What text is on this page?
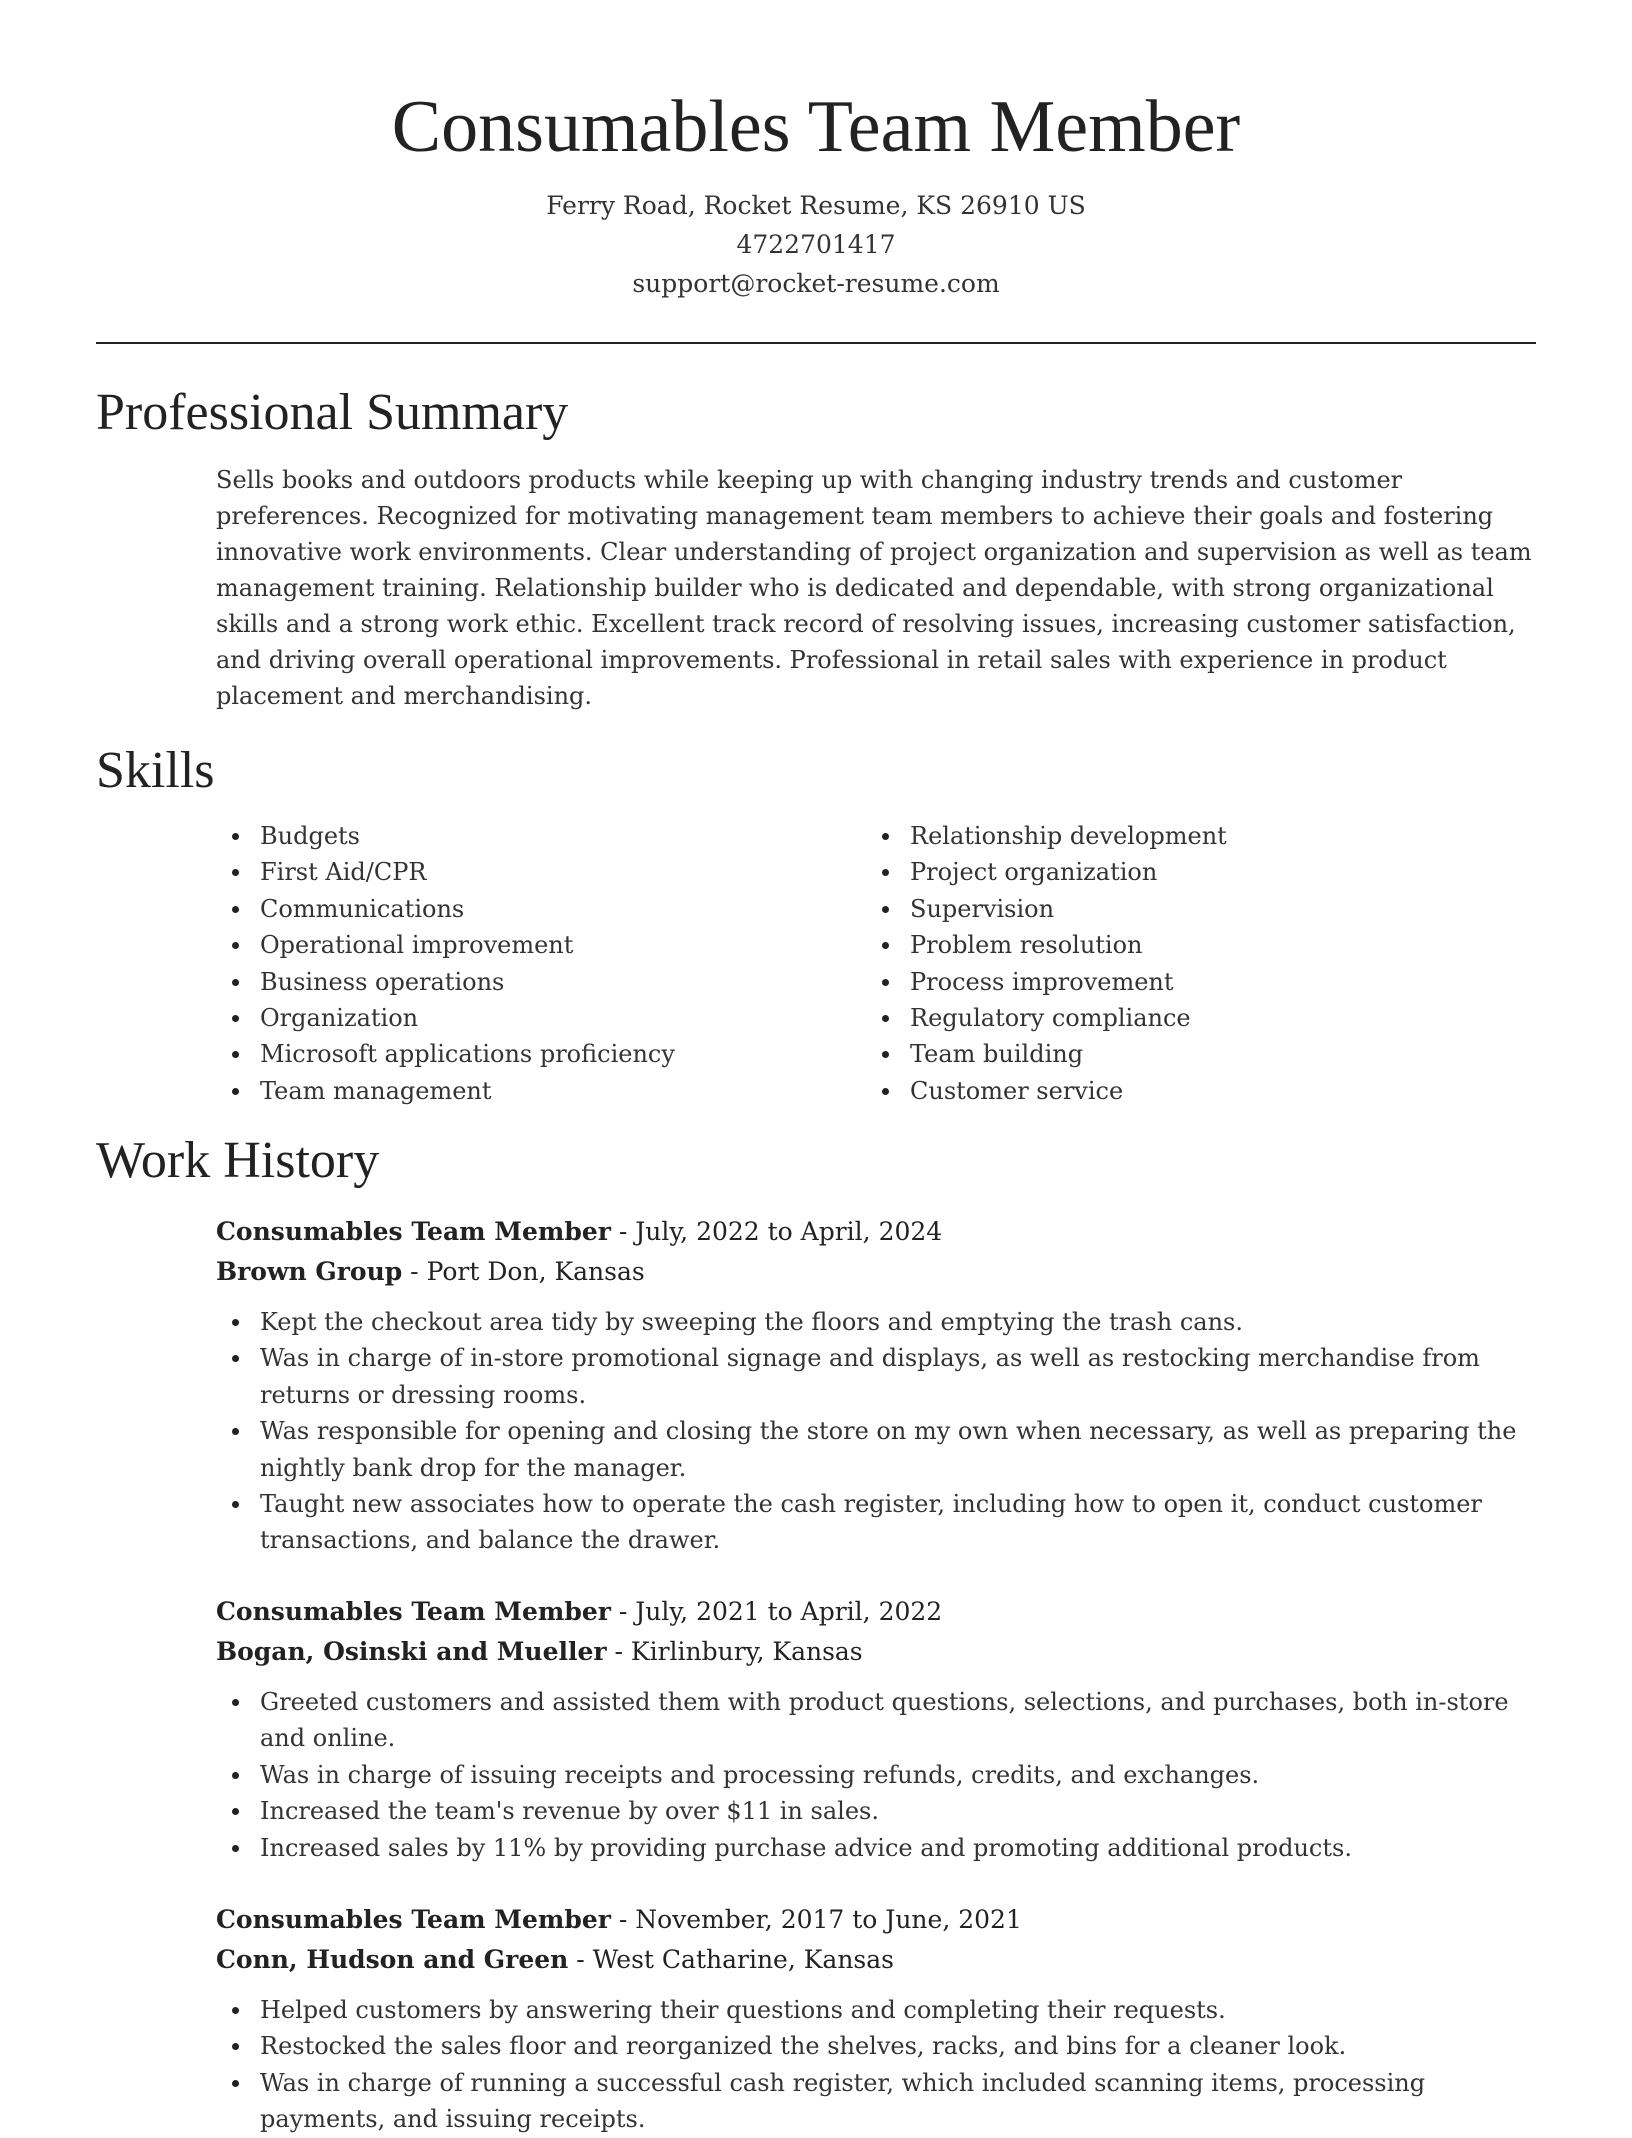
Consumables Team Member
Ferry Road, Rocket Resume, KS 26910 US
4722701417
support@rocket-resume.com
Professional Summary

Sells books and outdoors products while keeping up with changing industry trends and customer preferences. Recognized for motivating management team members to achieve their goals and fostering innovative work environments. Clear understanding of project organization and supervision as well as team management training. Relationship builder who is dedicated and dependable, with strong organizational skills and a strong work ethic. Excellent track record of resolving issues, increasing customer satisfaction, and driving overall operational improvements. Professional in retail sales with experience in product placement and merchandising.

Skills
Budgets
First Aid/CPR
Communications
Operational improvement
Business operations
Organization
Microsoft applications proficiency
Team management
Relationship development
Project organization
Supervision
Problem resolution
Process improvement
Regulatory compliance
Team building
Customer service
Work History
Consumables Team Member - July, 2022 to April, 2024
Brown Group - Port Don, Kansas
Kept the checkout area tidy by sweeping the floors and emptying the trash cans.
Was in charge of in-store promotional signage and displays, as well as restocking merchandise from returns or dressing rooms.
Was responsible for opening and closing the store on my own when necessary, as well as preparing the nightly bank drop for the manager.
Taught new associates how to operate the cash register, including how to open it, conduct customer transactions, and balance the drawer.
Consumables Team Member - July, 2021 to April, 2022
Bogan, Osinski and Mueller - Kirlinbury, Kansas
Greeted customers and assisted them with product questions, selections, and purchases, both in-store and online.
Was in charge of issuing receipts and processing refunds, credits, and exchanges.
Increased the team's revenue by over $11 in sales.
Increased sales by 11% by providing purchase advice and promoting additional products.
Consumables Team Member - November, 2017 to June, 2021
Conn, Hudson and Green - West Catharine, Kansas
Helped customers by answering their questions and completing their requests.
Restocked the sales floor and reorganized the shelves, racks, and bins for a cleaner look.
Was in charge of running a successful cash register, which included scanning items, processing payments, and issuing receipts.
